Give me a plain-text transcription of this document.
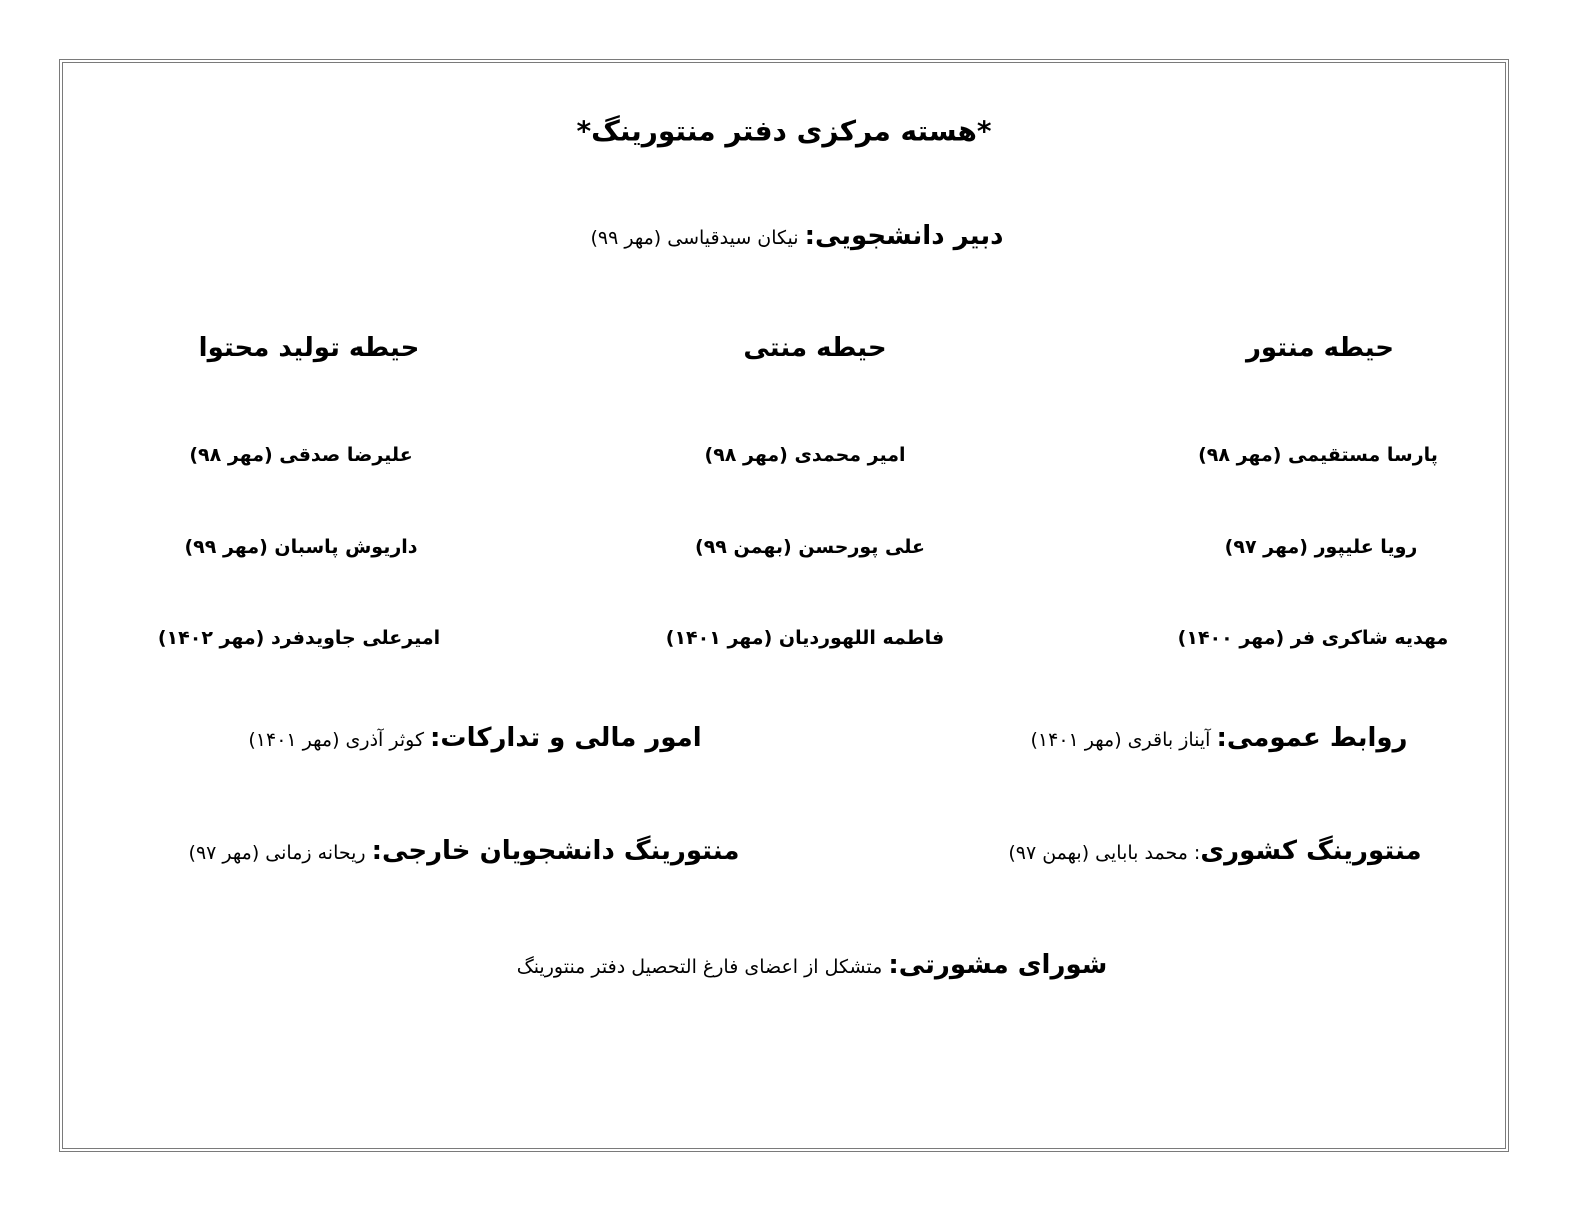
*هسته مرکزی دفتر منتورینگ*
دبیر دانشجویی: نیکان سیدقیاسی (مهر ۹۹)
حیطه منتور
پارسا مستقیمی (مهر ۹۸)
رویا علیپور (مهر ۹۷)
مهدیه شاکری فر (مهر ۱۴۰۰)
حیطه منتی
امیر محمدی (مهر ۹۸)
علی پورحسن (بهمن ۹۹)
فاطمه اللهوردیان (مهر ۱۴۰۱)
حیطه تولید محتوا
علیرضا صدقی (مهر ۹۸)
داریوش پاسبان (مهر ۹۹)
امیرعلی جاویدفرد (مهر ۱۴۰۲)
روابط عمومی: آیناز باقری (مهر ۱۴۰۱)
امور مالی و تدارکات: کوثر آذری (مهر ۱۴۰۱)
منتورینگ کشوری: محمد بابایی (بهمن ۹۷)
منتورینگ دانشجویان خارجی: ریحانه زمانی (مهر ۹۷)
شورای مشورتی: متشکل از اعضای فارغ التحصیل دفتر منتورینگ
